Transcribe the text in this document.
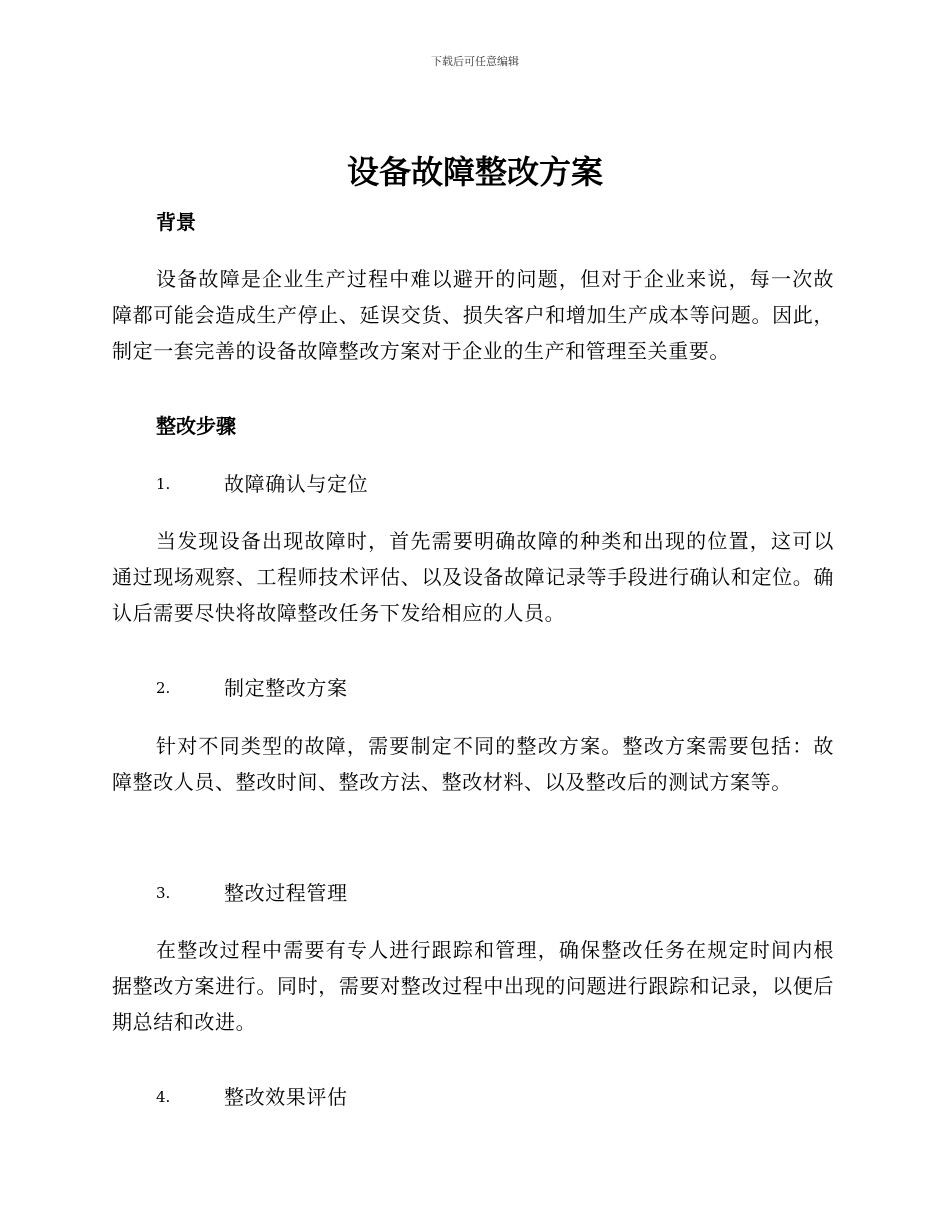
下载后可任意编辑
设备故障整改方案
背景

设备故障是企业生产过程中难以避开的问题，但对于企业来说，每一次故障都可能会造成生产停止、延误交货、损失客户和增加生产成本等问题。因此，制定一套完善的设备故障整改方案对于企业的生产和管理至关重要。

整改步骤
1.	故障确认与定位

当发现设备出现故障时，首先需要明确故障的种类和出现的位置，这可以通过现场观察、工程师技术评估、以及设备故障记录等手段进行确认和定位。确认后需要尽快将故障整改任务下发给相应的人员。

2.	制定整改方案

针对不同类型的故障，需要制定不同的整改方案。整改方案需要包括：故障整改人员、整改时间、整改方法、整改材料、以及整改后的测试方案等。

3.	整改过程管理

在整改过程中需要有专人进行跟踪和管理，确保整改任务在规定时间内根据整改方案进行。同时，需要对整改过程中出现的问题进行跟踪和记录，以便后期总结和改进。

4.	整改效果评估
